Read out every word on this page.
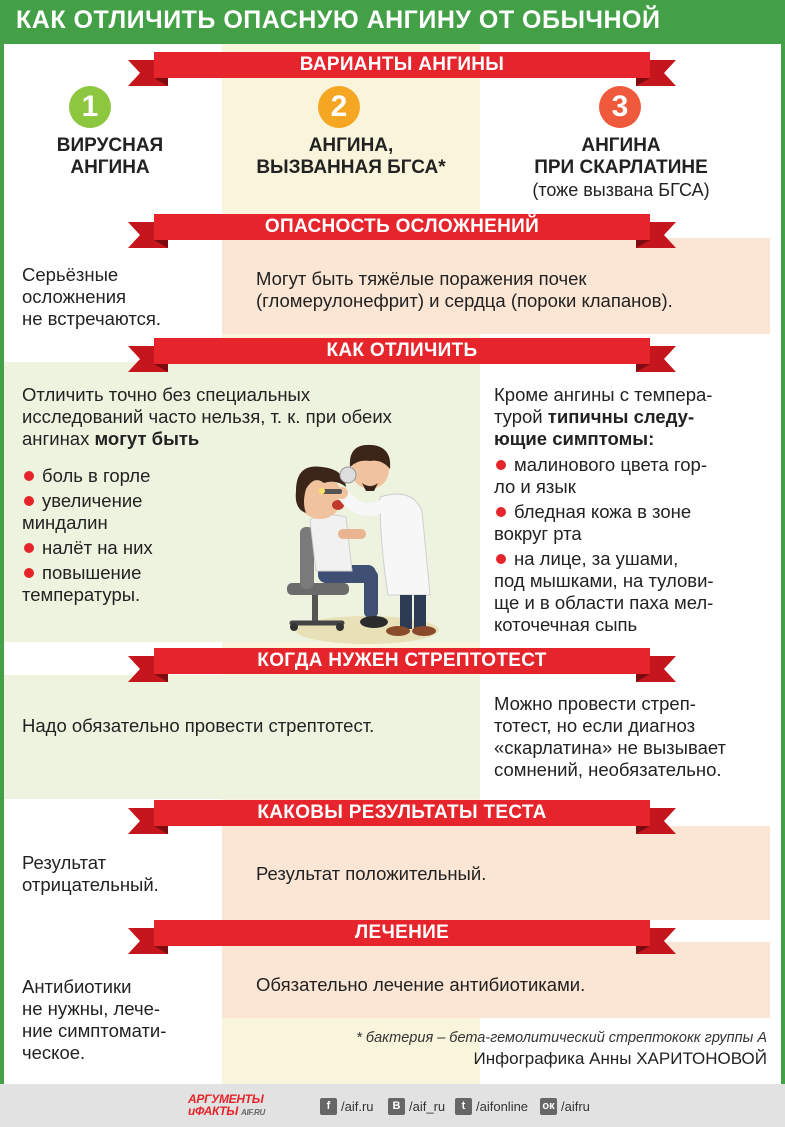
КАК ОТЛИЧИТЬ ОПАСНУЮ АНГИНУ ОТ ОБЫЧНОЙ
ВАРИАНТЫ АНГИНЫ
1
ВИРУСНАЯ
АНГИНА
2
АНГИНА,
ВЫЗВАННАЯ БГСА*
3
АНГИНА
ПРИ СКАРЛАТИНЕ
(тоже вызвана БГСА)
ОПАСНОСТЬ ОСЛОЖНЕНИЙ
Серьёзные
осложнения
не встречаются.
Могут быть тяжёлые поражения почек
(гломерулонефрит) и сердца (пороки клапанов).
КАК ОТЛИЧИТЬ
Отличить точно без специальных
исследований часто нельзя, т. к. при обеих
ангинах могут быть
боль в горле
увеличение
миндалин
налёт на них
повышение
температуры.
Кроме ангины с темпера-
турой типичны следу-
ющие симптомы:
малинового цвета гор-
ло и язык
бледная кожа в зоне
вокруг рта
на лице, за ушами,
под мышками, на тулови-
ще и в области паха мел-
коточечная сыпь
КОГДА НУЖЕН СТРЕПТОТЕСТ
Надо обязательно провести стрептотест.
Можно провести стреп-
тотест, но если диагноз
«скарлатина» не вызывает
сомнений, необязательно.
КАКОВЫ РЕЗУЛЬТАТЫ ТЕСТА
Результат
отрицательный.
Результат положительный.
ЛЕЧЕНИЕ
Антибиотики
не нужны, лече-
ние симптомати-
ческое.
Обязательно лечение антибиотиками.
* бактерия – бета-гемолитический стрептококк группы А
Инфографика Анны ХАРИТОНОВОЙ
АРГУМЕНТЫ
иФАКТЫ AIF.RU
f /aif.ru	В /aif_ru	t /aifonline ок /aifru
